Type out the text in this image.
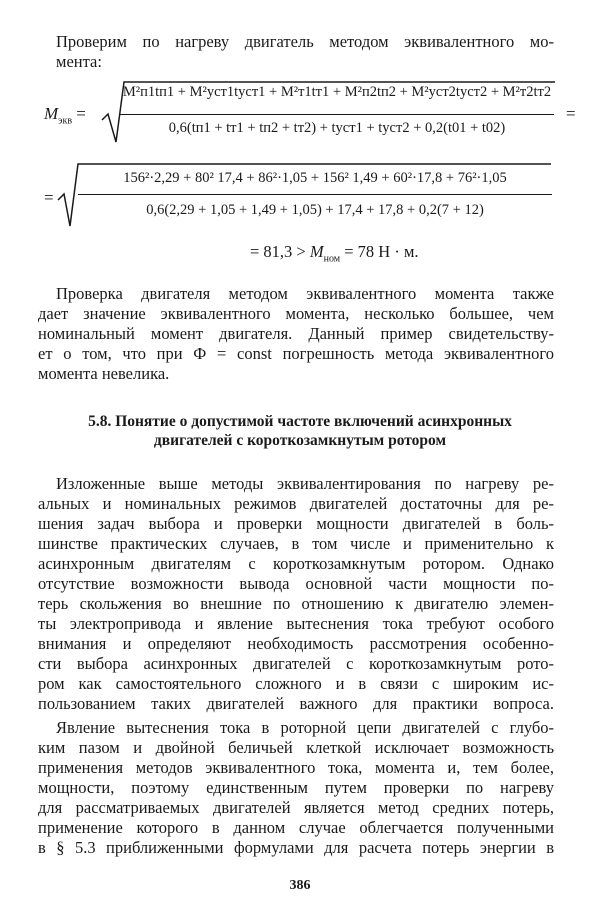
Проверим по нагреву двигатель методом эквивалентного мо-
мента:
$M_{экв}$ =
M²п1tп1 + M²уст1tуст1 + M²т1tт1 + M²п2tп2 + M²уст2tуст2 + M²т2tт2
0,6(tп1 + tт1 + tп2 + tт2) + tуст1 + tуст2 + 0,2(t01 + t02)
=
=
156²·2,29 + 80² 17,4 + 86²·1,05 + 156² 1,49 + 60²·17,8 + 76²·1,05
0,6(2,29 + 1,05 + 1,49 + 1,05) + 17,4 + 17,8 + 0,2(7 + 12)
= $81,3 > M_{ном} = 78$ Н · м.
Проверка двигателя методом эквивалентного момента также
дает значение эквивалентного момента, несколько большее, чем
номинальный момент двигателя. Данный пример свидетельству-
ет о том, что при Ф = const погрешность метода эквивалентного
момента невелика.
5.8. Понятие о допустимой частоте включений асинхронных
двигателей с короткозамкнутым ротором
Изложенные выше методы эквивалентирования по нагреву ре-
альных и номинальных режимов двигателей достаточны для ре-
шения задач выбора и проверки мощности двигателей в боль-
шинстве практических случаев, в том числе и применительно к
асинхронным двигателям с короткозамкнутым ротором. Однако
отсутствие возможности вывода основной части мощности по-
терь скольжения во внешние по отношению к двигателю элемен-
ты электропривода и явление вытеснения тока требуют особого
внимания и определяют необходимость рассмотрения особенно-
сти выбора асинхронных двигателей с короткозамкнутым рото-
ром как самостоятельного сложного и в связи с широким ис-
пользованием таких двигателей важного для практики вопроса.
Явление вытеснения тока в роторной цепи двигателей с глубо-
ким пазом и двойной беличьей клеткой исключает возможность
применения методов эквивалентного тока, момента и, тем более,
мощности, поэтому единственным путем проверки по нагреву
для рассматриваемых двигателей является метод средних потерь,
применение которого в данном случае облегчается полученными
в § 5.3 приближенными формулами для расчета потерь энергии в
386
